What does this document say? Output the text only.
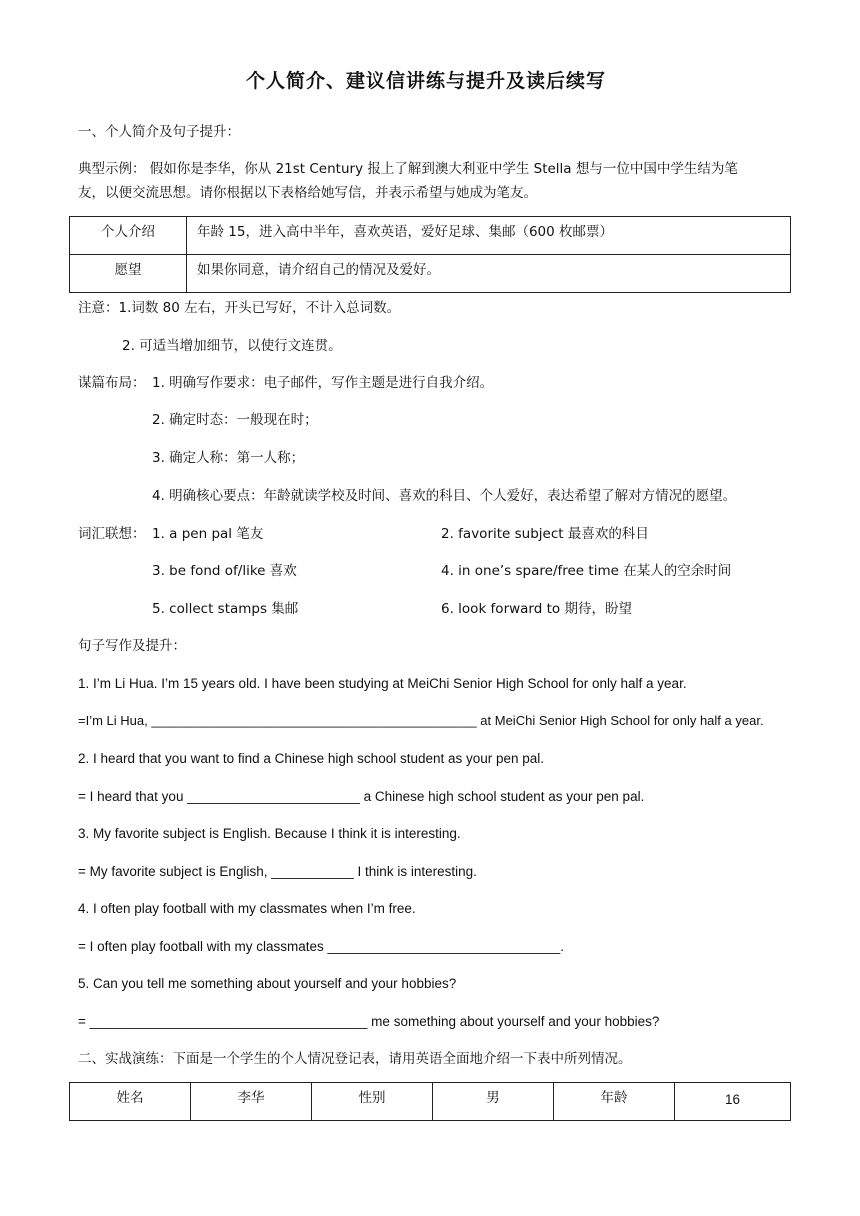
个人简介、建议信讲练与提升及读后续写
一、个人简介及句子提升：
典型示例： 假如你是李华，你从 21st Century 报上了解到澳大利亚中学生 Stella 想与一位中国中学生结为笔
友，以便交流思想。请你根据以下表格给她写信，并表示希望与她成为笔友。
个人介绍	年龄 15，进入高中半年，喜欢英语，爱好足球、集邮（600 枚邮票）
愿望	如果你同意，请介绍自己的情况及爱好。
注意：1.词数 80 左右，开头已写好，不计入总词数。
2. 可适当增加细节，以使行文连贯。
谋篇布局： 1. 明确写作要求：电子邮件，写作主题是进行自我介绍。
2. 确定时态：一般现在时；
3. 确定人称：第一人称；
4. 明确核心要点：年龄就读学校及时间、喜欢的科目、个人爱好，表达希望了解对方情况的愿望。
词汇联想： 1. a pen pal 笔友	2. favorite subject 最喜欢的科目
3. be fond of/like 喜欢	4. in one’s spare/free time 在某人的空余时间
5. collect stamps 集邮	6. look forward to 期待，盼望
句子写作及提升：
1. I’m Li Hua. I’m 15 years old. I have been studying at MeiChi Senior High School for only half a year.
=I’m Li Hua, _____________________________________________ at MeiChi Senior High School for only half a year.
2. I heard that you want to find a Chinese high school student as your pen pal.
= I heard that you _______________________ a Chinese high school student as your pen pal.
3. My favorite subject is English. Because I think it is interesting.
= My favorite subject is English, ___________ I think is interesting.
4. I often play football with my classmates when I’m free.
= I often play football with my classmates _______________________________.
5. Can you tell me something about yourself and your hobbies?
= _____________________________________ me something about yourself and your hobbies?
二、实战演练：下面是一个学生的个人情况登记表，请用英语全面地介绍一下表中所列情况。
姓名	李华	性别	男	年龄	16
